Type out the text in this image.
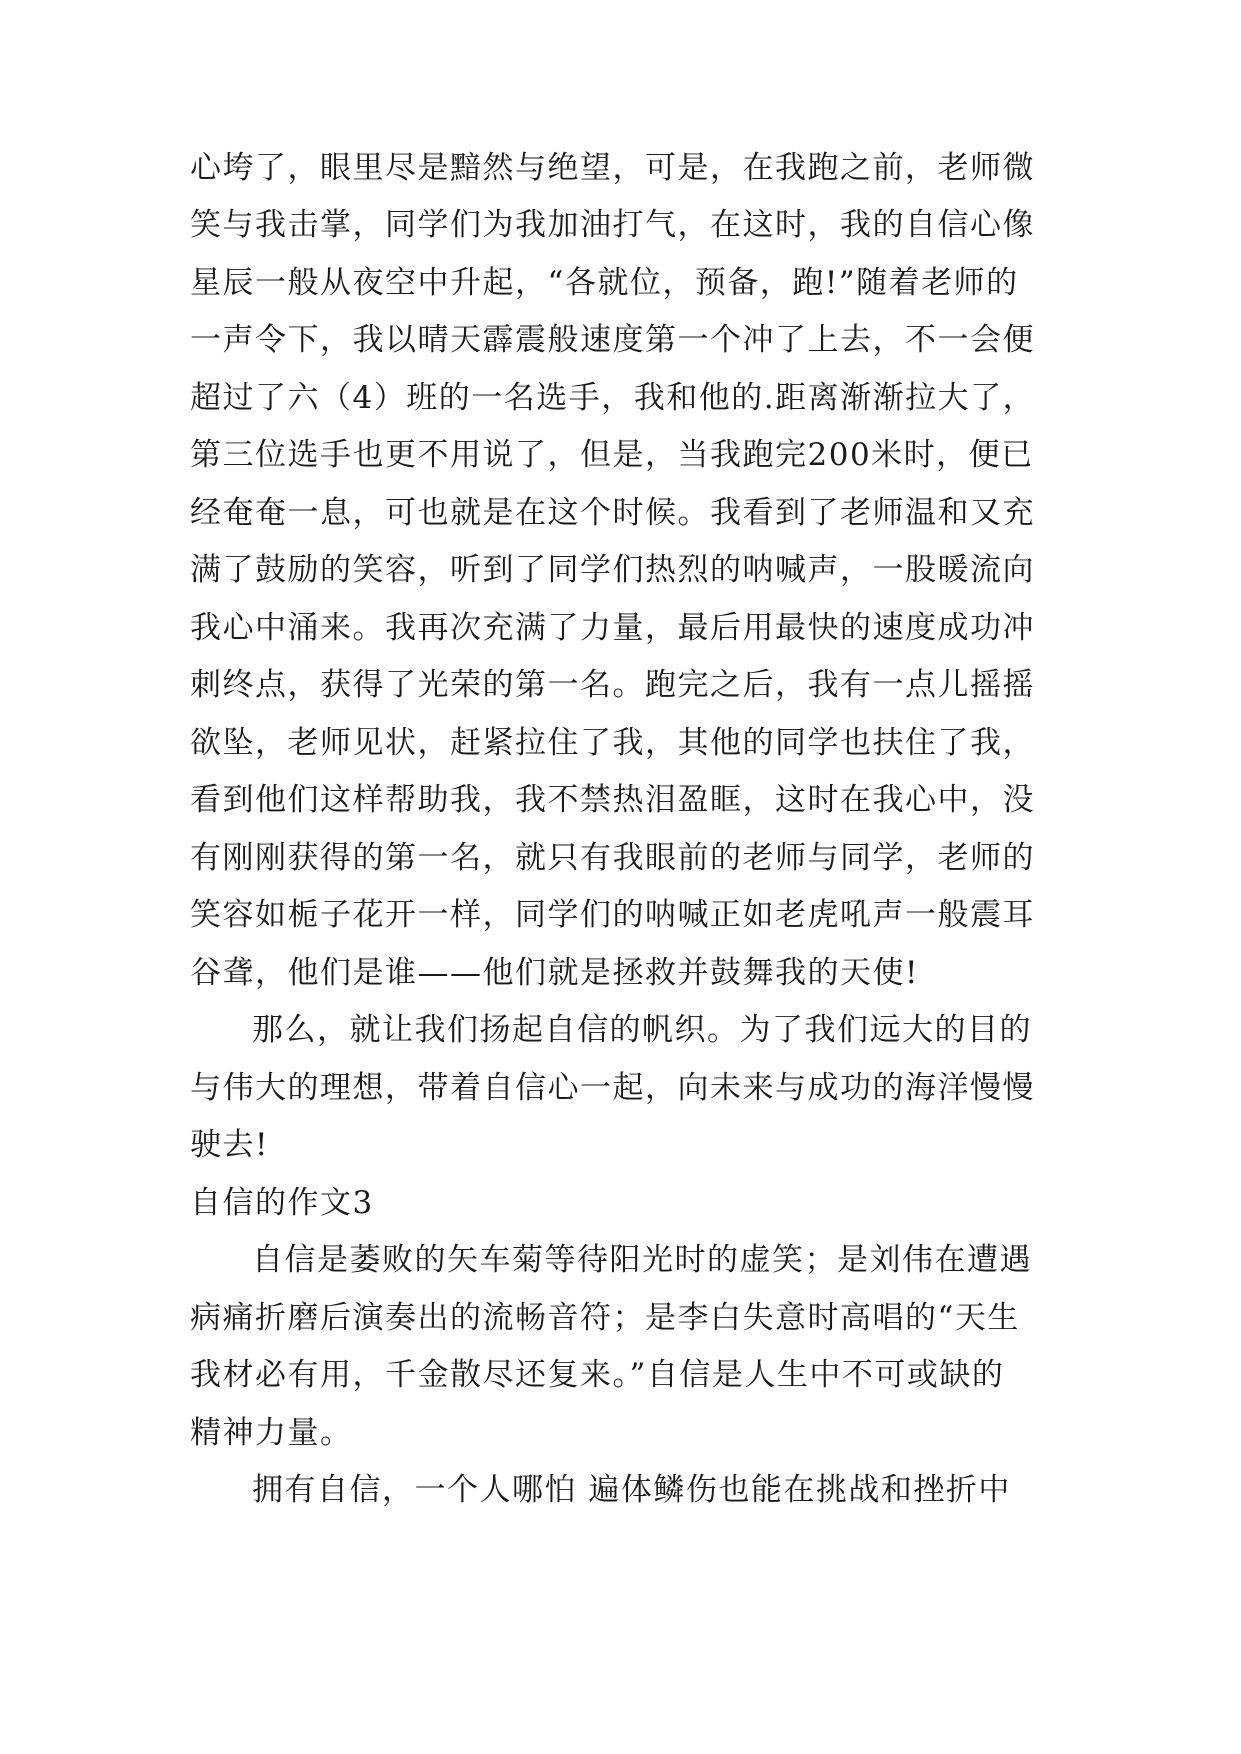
心垮了，眼里尽是黯然与绝望，可是，在我跑之前，老师微
笑与我击掌，同学们为我加油打气，在这时，我的自信心像
星辰一般从夜空中升起，“各就位，预备，跑!”随着老师的
一声令下，我以晴天霹震般速度第一个冲了上去，不一会便
超过了六（4）班的一名选手，我和他的.距离渐渐拉大了，
第三位选手也更不用说了，但是，当我跑完200米时，便已
经奄奄一息，可也就是在这个时候。我看到了老师温和又充
满了鼓励的笑容，听到了同学们热烈的呐喊声，一股暖流向
我心中涌来。我再次充满了力量，最后用最快的速度成功冲
刺终点，获得了光荣的第一名。跑完之后，我有一点儿摇摇
欲坠，老师见状，赶紧拉住了我，其他的同学也扶住了我，
看到他们这样帮助我，我不禁热泪盈眶，这时在我心中，没
有刚刚获得的第一名，就只有我眼前的老师与同学，老师的
笑容如栀子花开一样，同学们的呐喊正如老虎吼声一般震耳
谷聋，他们是谁——他们就是拯救并鼓舞我的天使!
那么，就让我们扬起自信的帆织。为了我们远大的目的
与伟大的理想，带着自信心一起，向未来与成功的海洋慢慢
驶去!
自信的作文3
自信是萎败的矢车菊等待阳光时的虚笑；是刘伟在遭遇
病痛折磨后演奏出的流畅音符；是李白失意时高唱的“天生
我材必有用，千金散尽还复来。”自信是人生中不可或缺的
精神力量。
拥有自信，一个人哪怕 遍体鳞伤也能在挑战和挫折中
